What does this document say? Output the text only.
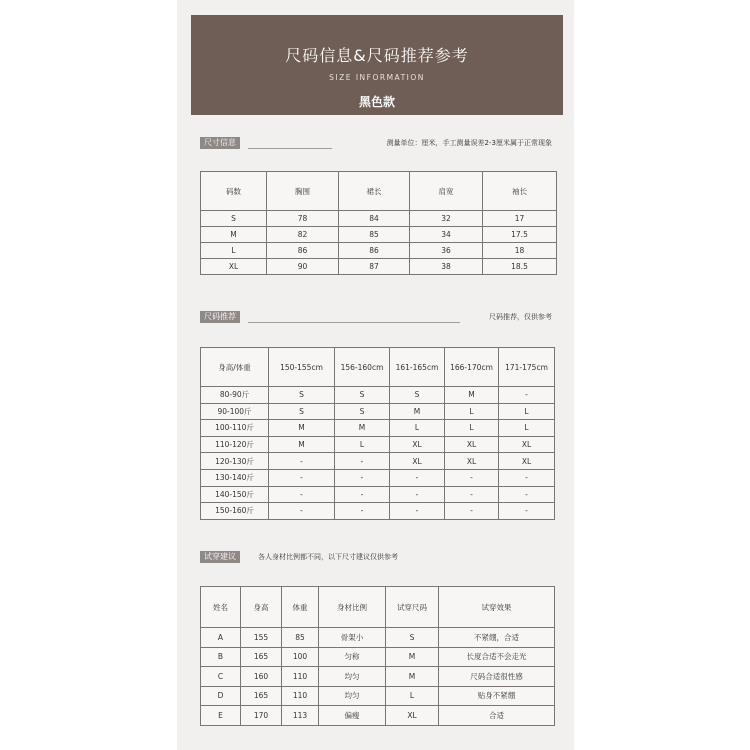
尺码信息&尺码推荐参考
SIZE INFORMATION
黑色款
尺寸信息	测量单位：厘米，手工测量误差2-3厘米属于正常现象
码数	胸围	裙长	肩宽	袖长
S	78	84	32	17
M	82	85	34	17.5
L	86	86	36	18
XL	90	87	38	18.5
尺码推荐	尺码推荐，仅供参考
身高/体重	150-155cm	156-160cm	161-165cm	166-170cm	171-175cm
80-90斤	S	S	S	M	-
90-100斤	S	S	M	L	L
100-110斤	M	M	L	L	L
110-120斤	M	L	XL	XL	XL
120-130斤	-	-	XL	XL	XL
130-140斤	-	-	-	-	-
140-150斤	-	-	-	-	-
150-160斤	-	-	-	-	-
试穿建议	各人身材比例都不同，以下尺寸建议仅供参考
姓名	身高	体重	身材比例	试穿尺码	试穿效果
A	155	85	骨架小	S	不紧绷，合适
B	165	100	匀称	M	长度合适不会走光
C	160	110	均匀	M	尺码合适很性感
D	165	110	均匀	L	贴身不紧绷
E	170	113	偏瘦	XL	合适
